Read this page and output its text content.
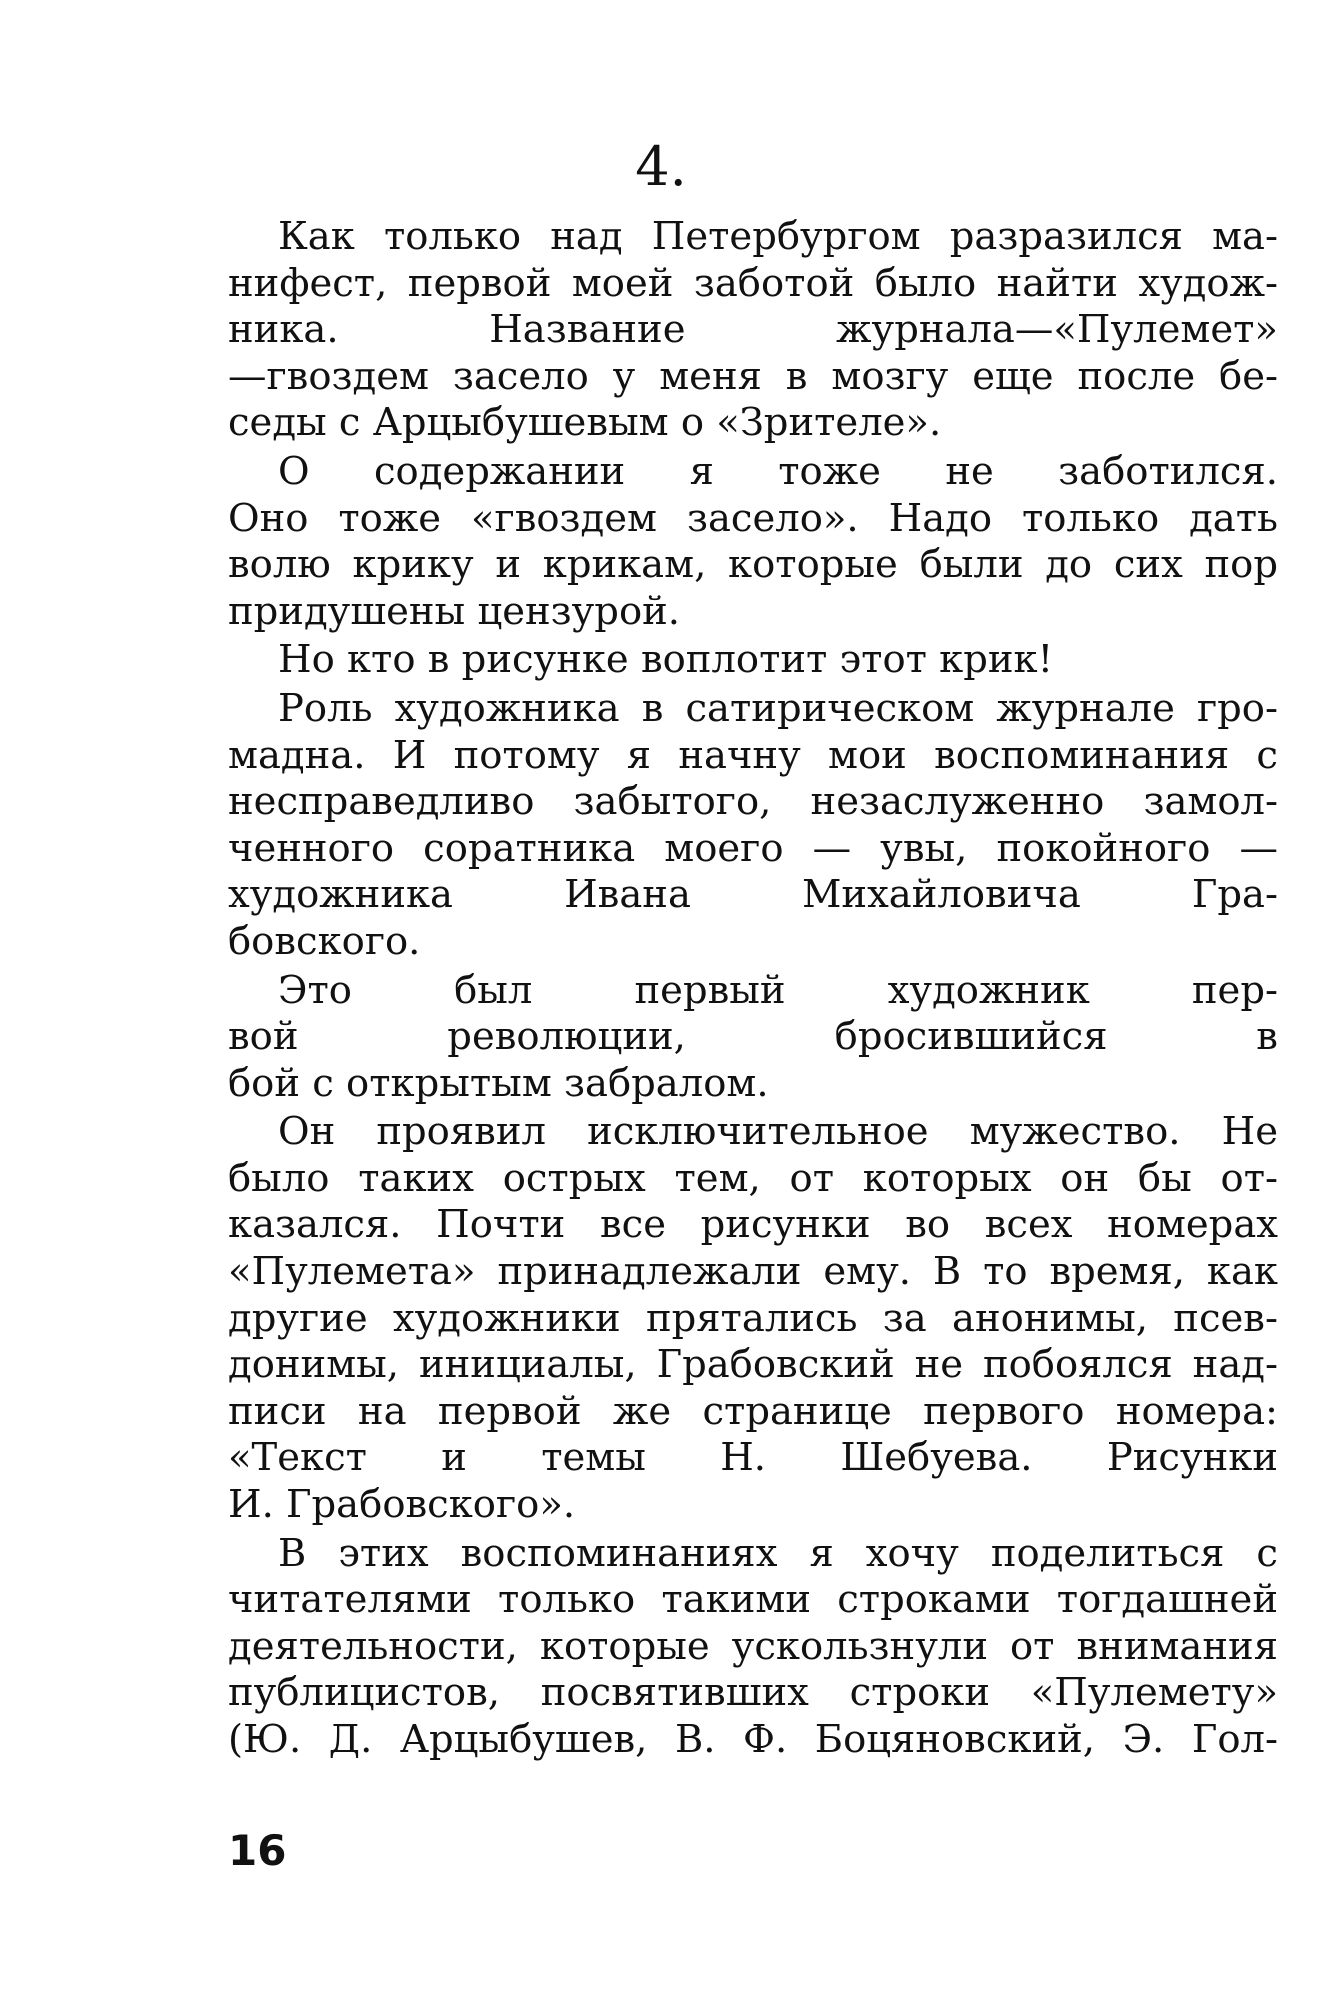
4.
Как только над Петербургом разразился ма-
нифест, первой моей заботой было найти худож-
ника. Название журнала—«Пулемет»
—гвоздем засело у меня в мозгу еще после бе-
седы с Арцыбушевым о «Зрителе».
О содержании я тоже не заботился.
Оно тоже «гвоздем засело». Надо только дать
волю крику и крикам, которые были до сих пор
придушены цензурой.
Но кто в рисунке воплотит этот крик!
Роль художника в сатирическом журнале гро-
мадна. И потому я начну мои воспоминания с
несправедливо забытого, незаслуженно замол-
ченного соратника моего — увы, покойного —
художника Ивана Михайловича Гра-
бовского.
Это был первый художник пер-
вой революции, бросившийся в
бой с открытым забралом.
Он проявил исключительное мужество. Не
было таких острых тем, от которых он бы от-
казался. Почти все рисунки во всех номерах
«Пулемета» принадлежали ему. В то время, как
другие художники прятались за анонимы, псев-
донимы, инициалы, Грабовский не побоялся над-
писи на первой же странице первого номера:
«Текст и темы Н. Шебуева. Рисунки
И. Грабовского».
В этих воспоминаниях я хочу поделиться с
читателями только такими строками тогдашней
деятельности, которые ускользнули от внимания
публицистов, посвятивших строки «Пулемету»
(Ю. Д. Арцыбушев, В. Ф. Боцяновский, Э. Гол-
16
